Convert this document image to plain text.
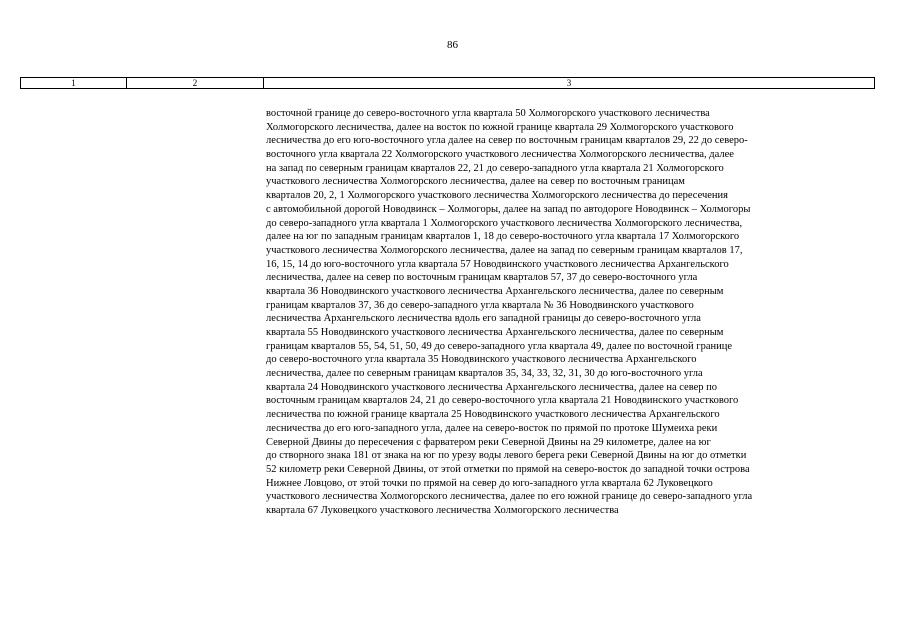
86
1	2	3
восточной границе до северо-восточного угла квартала 50 Холмогорского участкового лесничества
Холмогорского лесничества, далее на восток по южной границе квартала 29 Холмогорского участкового
лесничества до его юго-восточного угла далее на север по восточным границам кварталов 29, 22 до северо-
восточного угла квартала 22 Холмогорского участкового лесничества Холмогорского лесничества, далее
на запад по северным границам кварталов 22, 21 до северо-западного угла квартала 21 Холмогорского
участкового лесничества Холмогорского лесничества, далее на север по восточным границам
кварталов 20, 2, 1 Холмогорского участкового лесничества Холмогорского лесничества до пересечения
с автомобильной дорогой Новодвинск – Холмогоры, далее на запад по автодороге Новодвинск – Холмогоры
до северо-западного угла квартала 1 Холмогорского участкового лесничества Холмогорского лесничества,
далее на юг по западным границам кварталов 1, 18 до северо-восточного угла квартала 17 Холмогорского
участкового лесничества Холмогорского лесничества, далее на запад по северным границам кварталов 17,
16, 15, 14 до юго-восточного угла квартала 57 Новодвинского участкового лесничества Архангельского
лесничества, далее на север по восточным границам кварталов 57, 37 до северо-восточного угла
квартала 36 Новодвинского участкового лесничества Архангельского лесничества, далее по северным
границам кварталов 37, 36 до северо-западного угла квартала № 36 Новодвинского участкового
лесничества Архангельского лесничества вдоль его западной границы до северо-восточного угла
квартала 55 Новодвинского участкового лесничества Архангельского лесничества, далее по северным
границам кварталов 55, 54, 51, 50, 49 до северо-западного угла квартала 49, далее по восточной границе
до северо-восточного угла квартала 35 Новодвинского участкового лесничества Архангельского
лесничества, далее по северным границам кварталов 35, 34, 33, 32, 31, 30 до юго-восточного угла
квартала 24 Новодвинского участкового лесничества Архангельского лесничества, далее на север по
восточным границам кварталов 24, 21 до северо-восточного угла квартала 21 Новодвинского участкового
лесничества по южной границе квартала 25 Новодвинского участкового лесничества Архангельского
лесничества до его юго-западного угла, далее на северо-восток по прямой по протоке Шумеиха реки
Северной Двины до пересечения с фарватером реки Северной Двины на 29 километре, далее на юг
до створного знака 181 от знака на юг по урезу воды левого берега реки Северной Двины на юг до отметки
52 километр реки Северной Двины, от этой отметки по прямой на северо-восток до западной точки острова
Нижнее Ловцово, от этой точки по прямой на север до юго-западного угла квартала 62 Луковецкого
участкового лесничества Холмогорского лесничества, далее по его южной границе до северо-западного угла
квартала 67 Луковецкого участкового лесничества Холмогорского лесничества
